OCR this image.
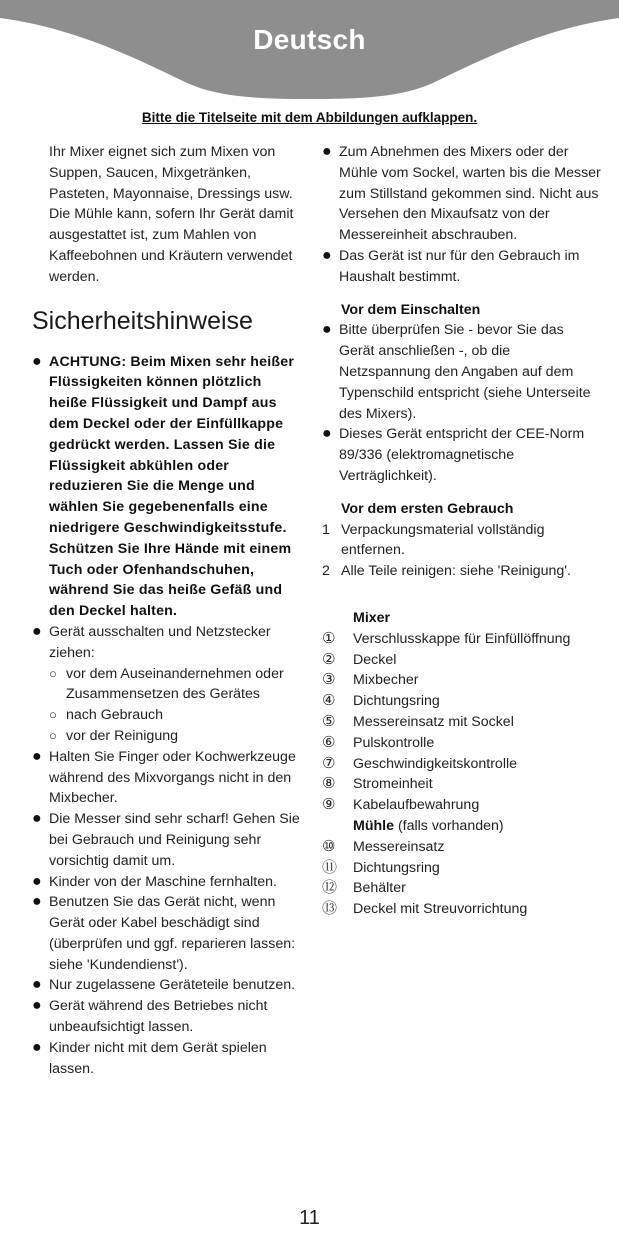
Deutsch
Bitte die Titelseite mit dem Abbildungen aufklappen.

Ihr Mixer eignet sich zum Mixen von Suppen, Saucen, Mixgetränken, Pasteten, Mayonnaise, Dressings usw. Die Mühle kann, sofern Ihr Gerät damit ausgestattet ist, zum Mahlen von Kaffeebohnen und Kräutern verwendet werden.

Sicherheitshinweise
● ACHTUNG: Beim Mixen sehr heißer Flüssigkeiten können plötzlich heiße Flüssigkeit und Dampf aus dem Deckel oder der Einfüllkappe gedrückt werden. Lassen Sie die Flüssigkeit abkühlen oder reduzieren Sie die Menge und wählen Sie gegebenenfalls eine niedrigere Geschwindigkeitsstufe. Schützen Sie Ihre Hände mit einem Tuch oder Ofenhandschuhen, während Sie das heiße Gefäß und den Deckel halten.
● Gerät ausschalten und Netzstecker ziehen:
○ vor dem Auseinandernehmen oder Zusammensetzen des Gerätes
○ nach Gebrauch
○ vor der Reinigung
● Halten Sie Finger oder Kochwerkzeuge während des Mixvorgangs nicht in den Mixbecher.
● Die Messer sind sehr scharf! Gehen Sie bei Gebrauch und Reinigung sehr vorsichtig damit um.
● Kinder von der Maschine fernhalten.
● Benutzen Sie das Gerät nicht, wenn Gerät oder Kabel beschädigt sind (überprüfen und ggf. reparieren lassen: siehe 'Kundendienst').
● Nur zugelassene Geräteteile benutzen.
● Gerät während des Betriebes nicht unbeaufsichtigt lassen.
● Kinder nicht mit dem Gerät spielen lassen.
● Zum Abnehmen des Mixers oder der Mühle vom Sockel, warten bis die Messer zum Stillstand gekommen sind. Nicht aus Versehen den Mixaufsatz von der Messereinheit abschrauben.
● Das Gerät ist nur für den Gebrauch im Haushalt bestimmt.
Vor dem Einschalten
● Bitte überprüfen Sie - bevor Sie das Gerät anschließen -, ob die Netzspannung den Angaben auf dem Typenschild entspricht (siehe Unterseite des Mixers).
● Dieses Gerät entspricht der CEE-Norm 89/336 (elektromagnetische Verträglichkeit).
Vor dem ersten Gebrauch
1 Verpackungsmaterial vollständig entfernen.
2 Alle Teile reinigen: siehe 'Reinigung'.
Mixer
① Verschlusskappe für Einfüllöffnung
② Deckel
③ Mixbecher
④ Dichtungsring
⑤ Messereinsatz mit Sockel
⑥ Pulskontrolle
⑦ Geschwindigkeitskontrolle
⑧ Stromeinheit
⑨ Kabelaufbewahrung
Mühle (falls vorhanden)
⑩ Messereinsatz
⑪ Dichtungsring
⑫ Behälter
⑬ Deckel mit Streuvorrichtung
11
